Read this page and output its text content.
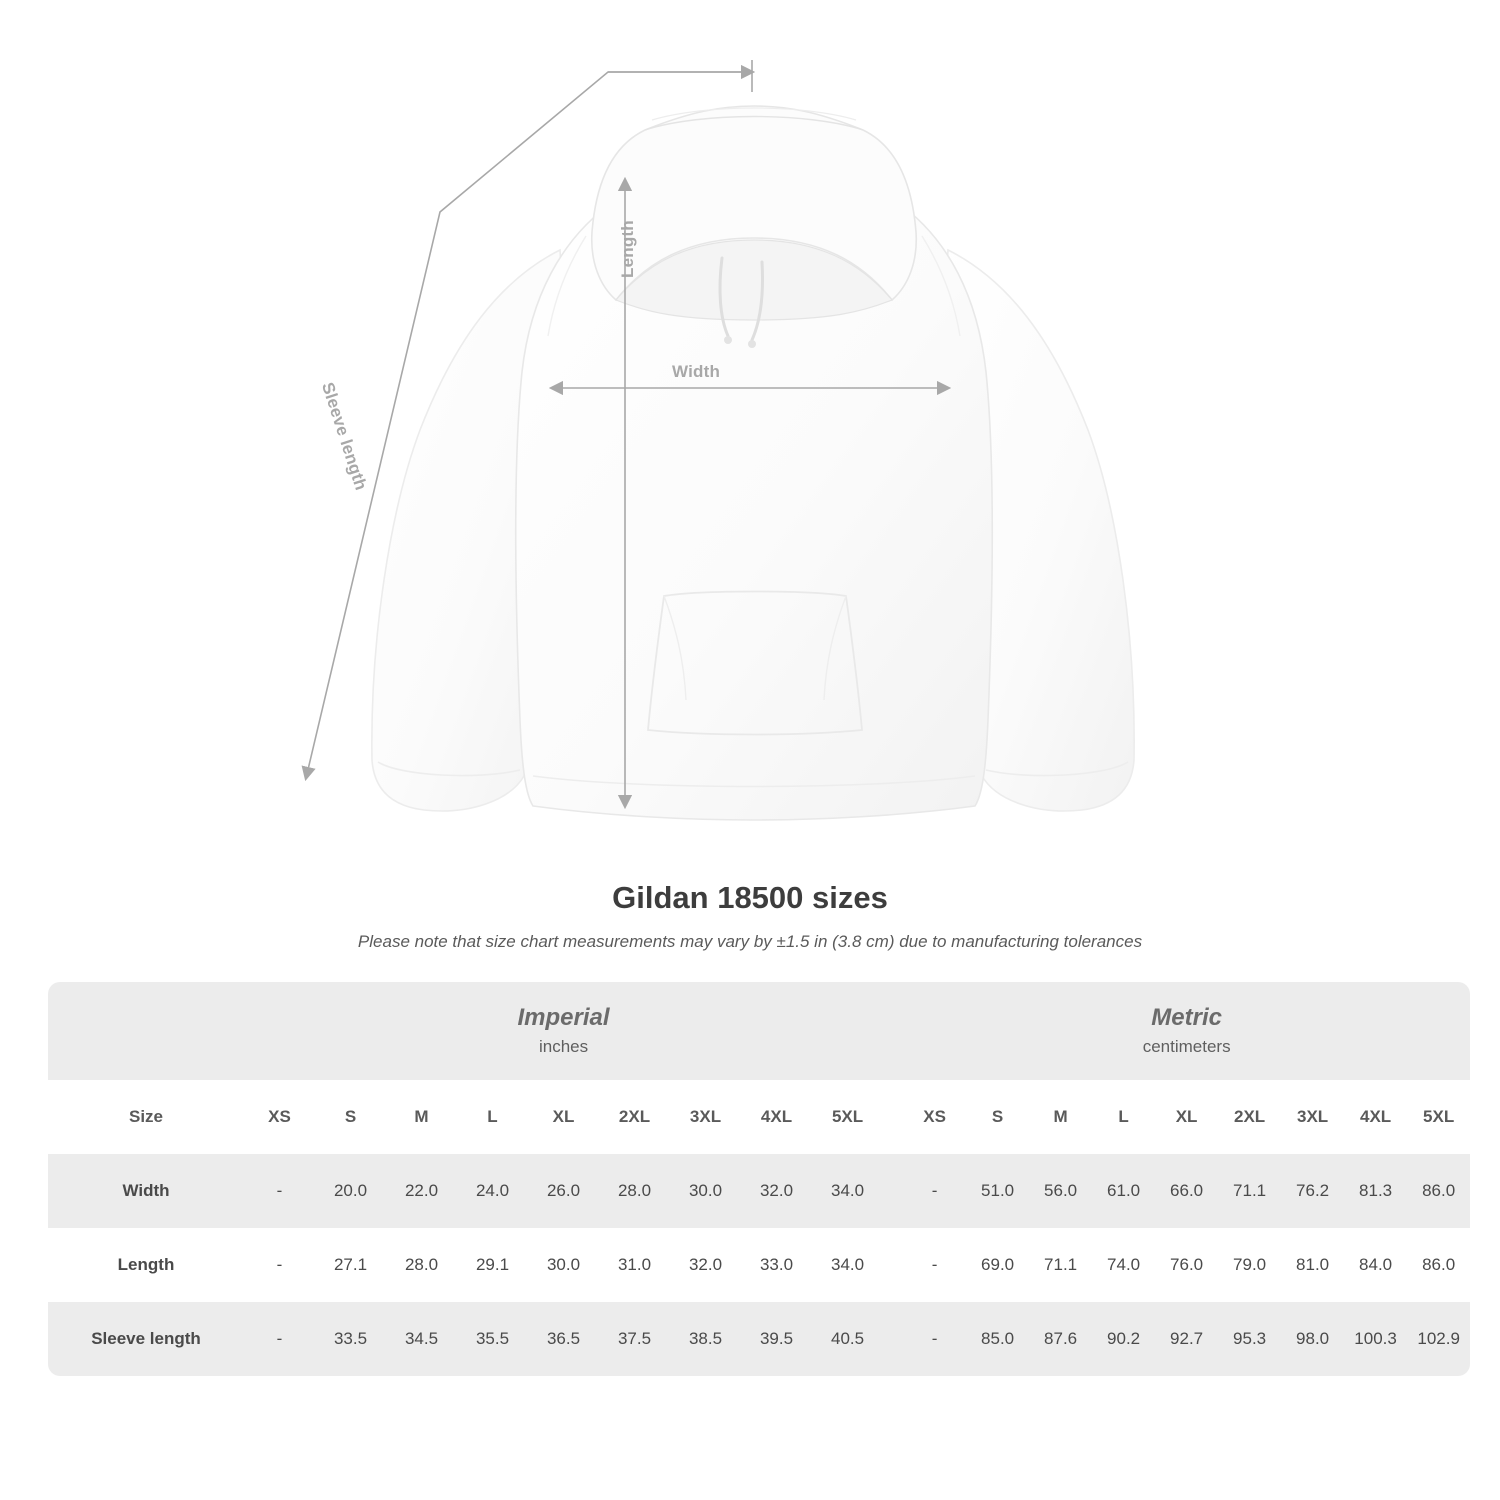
Width
Length
Sleeve length
Gildan 18500 sizes

Please note that size chart measurements may vary by ±1.5 in (3.8 cm) due to manufacturing tolerances

Imperial
inches

Metric
centimeters

Size	XS	S	M	L	XL	2XL	3XL	4XL	5XL		XS	S	M	L	XL	2XL	3XL	4XL	5XL
Width	-	20.0	22.0	24.0	26.0	28.0	30.0	32.0	34.0		-	51.0	56.0	61.0	66.0	71.1	76.2	81.3	86.0
Length	-	27.1	28.0	29.1	30.0	31.0	32.0	33.0	34.0		-	69.0	71.1	74.0	76.0	79.0	81.0	84.0	86.0
Sleeve length	-	33.5	34.5	35.5	36.5	37.5	38.5	39.5	40.5		-	85.0	87.6	90.2	92.7	95.3	98.0	100.3	102.9
